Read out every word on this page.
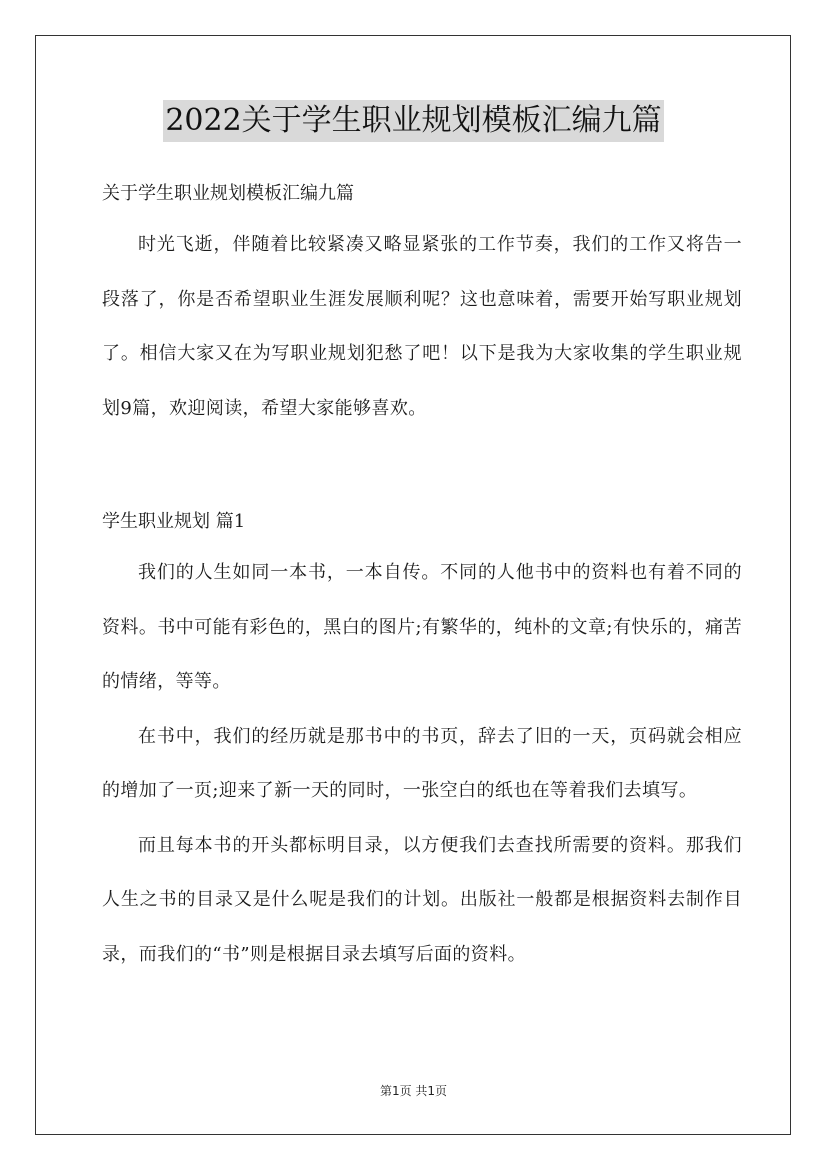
2022关于学生职业规划模板汇编九篇

关于学生职业规划模板汇编九篇

时光飞逝，伴随着比较紧凑又略显紧张的工作节奏，我们的工作又将告一段落了，你是否希望职业生涯发展顺利呢？这也意味着，需要开始写职业规划了。相信大家又在为写职业规划犯愁了吧！以下是我为大家收集的学生职业规划9篇，欢迎阅读，希望大家能够喜欢。

学生职业规划 篇1

我们的人生如同一本书，一本自传。不同的人他书中的资料也有着不同的资料。书中可能有彩色的，黑白的图片;有繁华的，纯朴的文章;有快乐的，痛苦的情绪，等等。

在书中，我们的经历就是那书中的书页，辞去了旧的一天，页码就会相应的增加了一页;迎来了新一天的同时，一张空白的纸也在等着我们去填写。

而且每本书的开头都标明目录，以方便我们去查找所需要的资料。那我们人生之书的目录又是什么呢是我们的计划。出版社一般都是根据资料去制作目录，而我们的“书”则是根据目录去填写后面的资料。

第1页 共1页
